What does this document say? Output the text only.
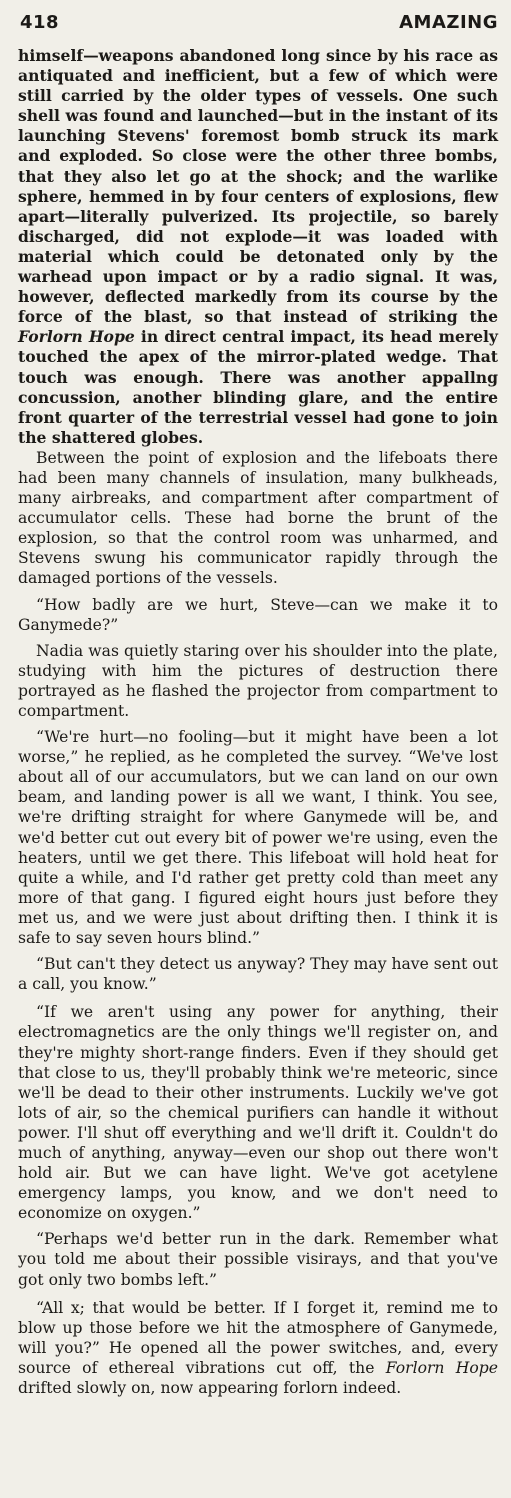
418	AMAZING

himself—weapons abandoned long since by his race as antiquated and inefficient, but a few of which were still carried by the older types of vessels. One such shell was found and launched—but in the instant of its launching Stevens' foremost bomb struck its mark and exploded. So close were the other three bombs, that they also let go at the shock; and the warlike sphere, hemmed in by four centers of explosions, flew apart—literally pulverized. Its projectile, so barely discharged, did not explode—it was loaded with material which could be detonated only by the warhead upon impact or by a radio signal. It was, however, deflected markedly from its course by the force of the blast, so that instead of striking the Forlorn Hope in direct central impact, its head merely touched the apex of the mirror-plated wedge. That touch was enough. There was another appallng concussion, another blinding glare, and the entire front quarter of the terrestrial vessel had gone to join the shattered globes.

Between the point of explosion and the lifeboats there had been many channels of insulation, many bulkheads, many airbreaks, and compartment after compartment of accumulator cells. These had borne the brunt of the explosion, so that the control room was unharmed, and Stevens swung his communicator rapidly through the damaged portions of the vessels.

“How badly are we hurt, Steve—can we make it to Ganymede?”

Nadia was quietly staring over his shoulder into the plate, studying with him the pictures of destruction there portrayed as he flashed the projector from compartment to compartment.

“We're hurt—no fooling—but it might have been a lot worse,” he replied, as he completed the survey. “We've lost about all of our accumulators, but we can land on our own beam, and landing power is all we want, I think. You see, we're drifting straight for where Ganymede will be, and we'd better cut out every bit of power we're using, even the heaters, until we get there. This lifeboat will hold heat for quite a while, and I'd rather get pretty cold than meet any more of that gang. I figured eight hours just before they met us, and we were just about drifting then. I think it is safe to say seven hours blind.”

“But can't they detect us anyway? They may have sent out a call, you know.”

“If we aren't using any power for anything, their electromagnetics are the only things we'll register on, and they're mighty short-range finders. Even if they should get that close to us, they'll probably think we're meteoric, since we'll be dead to their other instruments. Luckily we've got lots of air, so the chemical purifiers can handle it without power. I'll shut off everything and we'll drift it. Couldn't do much of anything, anyway—even our shop out there won't hold air. But we can have light. We've got acetylene emergency lamps, you know, and we don't need to economize on oxygen.”

“Perhaps we'd better run in the dark. Remember what you told me about their possible visirays, and that you've got only two bombs left.”

“All x; that would be better. If I forget it, remind me to blow up those before we hit the atmosphere of Ganymede, will you?” He opened all the power switches, and, every source of ethereal vibrations cut off, the Forlorn Hope drifted slowly on, now appearing forlorn indeed.
